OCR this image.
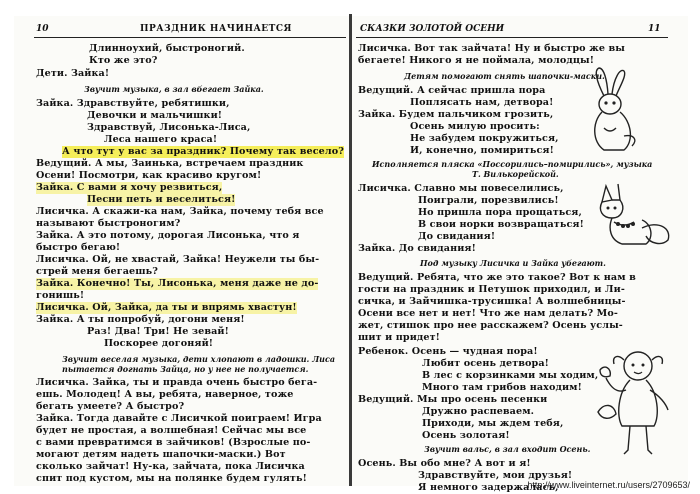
10	ПРАЗДНИК НАЧИНАЕТСЯ
Длинноухий, быстроногий.
Кто же это?
Дети. Зайка!
Звучит музыка, в зал вбегает Зайка.
Зайка. Здравствуйте, ребятишки,
Девочки и мальчишки!
Здравствуй, Лисонька-Лиса,
Леса нашего краса!
А что тут у вас за праздник? Почему так весело?
Ведущий. А мы, Заинька, встречаем праздник
Осени! Посмотри, как красиво кругом!
Зайка. С вами я хочу резвиться,
Песни петь и веселиться!
Лисичка. А скажи-ка нам, Зайка, почему тебя все
называют быстроногим?
Зайка. А это потому, дорогая Лисонька, что я
быстро бегаю!
Лисичка. Ой, не хвастай, Зайка! Неужели ты бы-
стрей меня бегаешь?
Зайка. Конечно! Ты, Лисонька, меня даже не до-
гонишь!
Лисичка. Ой, Зайка, да ты и впрямь хвастун!
Зайка. А ты попробуй, догони меня!
Раз! Два! Три! Не зевай!
Поскорее догоняй!
Звучит веселая музыка, дети хлопают в ладошки. Лиса
пытается догнать Зайца, но у нее не получается.
Лисичка. Зайка, ты и правда очень быстро бега-
ешь. Молодец! А вы, ребята, наверное, тоже
бегать умеете? А быстро?
Зайка. Тогда давайте с Лисичкой поиграем! Игра
будет не простая, а волшебная! Сейчас мы все
с вами превратимся в зайчиков! (Взрослые по-
могают детям надеть шапочки-маски.) Вот
сколько зайчат! Ну-ка, зайчата, пока Лисичка
спит под кустом, мы на полянке будем гулять!
СКАЗКИ ЗОЛОТОЙ ОСЕНИ	11
Лисичка. Вот так зайчата! Ну и быстро же вы
бегаете! Никого я не поймала, молодцы!
Детям помогают снять шапочки-маски.
Ведущий. А сейчас пришла пора
Поплясать нам, детвора!
Зайка. Будем пальчиком грозить,
Осень милую просить:
Не забудем покружиться,
И, конечно, помириться!
Исполняется пляска «Поссорились–помирились», музыка
Т. Вилькорейской.
Лисичка. Славно мы повеселились,
Поиграли, порезвились!
Но пришла пора прощаться,
В свои норки возвращаться!
До свидания!
Зайка. До свидания!
Под музыку Лисичка и Зайка убегают.
Ведущий. Ребята, что же это такое? Вот к нам в
гости на праздник и Петушок приходил, и Ли-
сичка, и Зайчишка-трусишка! А волшебницы-
Осени все нет и нет! Что же нам делать? Мо-
жет, стишок про нее расскажем? Осень услы-
шит и придет!
Ребенок. Осень — чудная пора!
Любит осень детвора!
В лес с корзинками мы ходим,
Много там грибов находим!
Ведущий. Мы про осень песенки
Дружно распеваем.
Приходи, мы ждем тебя,
Осень золотая!
Звучит вальс, в зал входит Осень.
Осень. Вы обо мне? А вот и я!
Здравствуйте, мои друзья!
Я немного задержалась,
http://www.liveinternet.ru/users/2709653/
